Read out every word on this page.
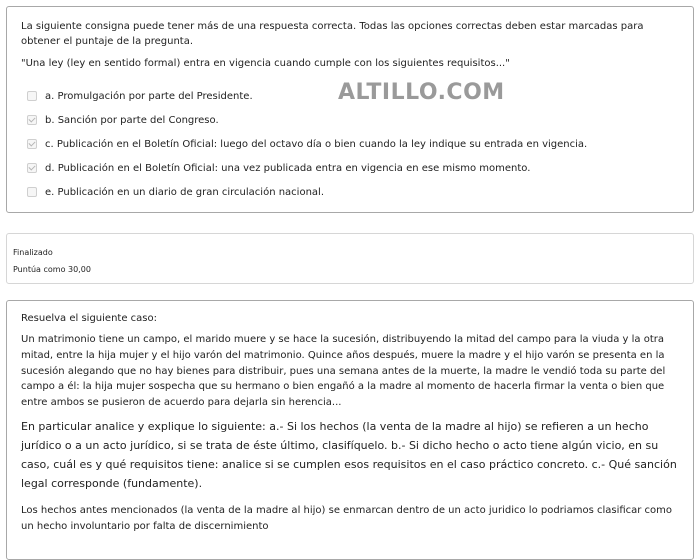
La siguiente consigna puede tener más de una respuesta correcta. Todas las opciones correctas deben estar marcadas para obtener el puntaje de la pregunta.

"Una ley (ley en sentido formal) entra en vigencia cuando cumple con los siguientes requisitos..."

a. Promulgación por parte del Presidente.
b. Sanción por parte del Congreso.
c. Publicación en el Boletín Oficial: luego del octavo día o bien cuando la ley indique su entrada en vigencia.
d. Publicación en el Boletín Oficial: una vez publicada entra en vigencia en ese mismo momento.
e. Publicación en un diario de gran circulación nacional.
ALTILLO.COM
Finalizado
Puntúa como 30,00

Resuelva el siguiente caso:

Un matrimonio tiene un campo, el marido muere y se hace la sucesión, distribuyendo la mitad del campo para la viuda y la otra mitad, entre la hija mujer y el hijo varón del matrimonio. Quince años después, muere la madre y el hijo varón se presenta en la sucesión alegando que no hay bienes para distribuir, pues una semana antes de la muerte, la madre le vendió toda su parte del campo a él: la hija mujer sospecha que su hermano o bien engañó a la madre al momento de hacerla firmar la venta o bien que entre ambos se pusieron de acuerdo para dejarla sin herencia...

En particular analice y explique lo siguiente: a.- Si los hechos (la venta de la madre al hijo) se refieren a un hecho jurídico o a un acto jurídico, si se trata de éste último, clasifíquelo. b.- Si dicho hecho o acto tiene algún vicio, en su caso, cuál es y qué requisitos tiene: analice si se cumplen esos requisitos en el caso práctico concreto. c.- Qué sanción legal corresponde (fundamente).

Los hechos antes mencionados (la venta de la madre al hijo) se enmarcan dentro de un acto juridico lo podriamos clasificar como un hecho involuntario por falta de discernimiento
